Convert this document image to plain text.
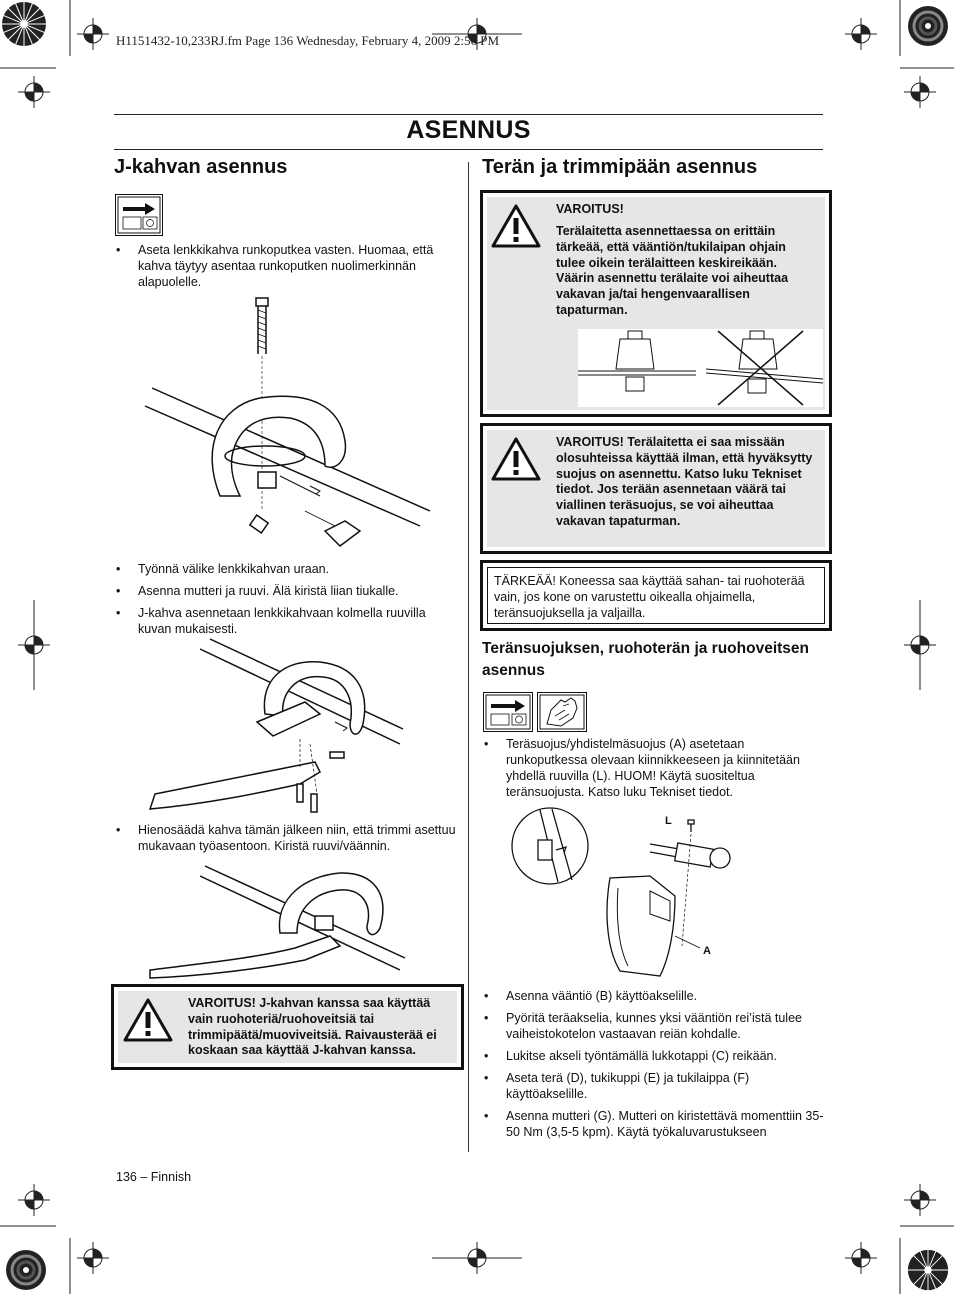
H1151432-10,233RJ.fm Page 136 Wednesday, February 4, 2009 2:56 PM
ASENNUS
J-kahvan asennus
• Aseta lenkkikahva runkoputkea vasten. Huomaa, että kahva täytyy asentaa runkoputken nuolimerkinnän alapuolelle.
• Työnnä välike lenkkikahvan uraan.
• Asenna mutteri ja ruuvi. Älä kiristä liian tiukalle.
• J-kahva asennetaan lenkkikahvaan kolmella ruuvilla kuvan mukaisesti.
• Hienosäädä kahva tämän jälkeen niin, että trimmi asettuu mukavaan työasentoon. Kiristä ruuvi/väännin.
VAROITUS! J-kahvan kanssa saa käyttää vain ruohoteriä/ruohoveitsiä tai trimmipäätä/muoviveitsiä. Raivausterää ei koskaan saa käyttää J-kahvan kanssa.
Terän ja trimmipään asennus
VAROITUS!
Terälaitetta asennettaessa on erittäin tärkeää, että vääntiön/tukilaipan ohjain tulee oikein terälaitteen keskireikään. Väärin asennettu terälaite voi aiheuttaa vakavan ja/tai hengenvaarallisen tapaturman.
VAROITUS! Terälaitetta ei saa missään olosuhteissa käyttää ilman, että hyväksytty suojus on asennettu. Katso luku Tekniset tiedot. Jos terään asennetaan väärä tai viallinen teräsuojus, se voi aiheuttaa vakavan tapaturman.
TÄRKEÄÄ! Koneessa saa käyttää sahan- tai ruohoterää vain, jos kone on varustettu oikealla ohjaimella, teränsuojuksella ja valjailla.
Teränsuojuksen, ruohoterän ja ruohoveitsen asennus
• Teräsuojus/yhdistelmäsuojus (A) asetetaan runkoputkessa olevaan kiinnikkeeseen ja kiinnitetään yhdellä ruuvilla (L). HUOM! Käytä suositeltua teränsuojusta. Katso luku Tekniset tiedot.
L
A
• Asenna vääntiö (B) käyttöakselille.
• Pyöritä teräakselia, kunnes yksi vääntiön rei’istä tulee vaiheistokotelon vastaavan reiän kohdalle.
• Lukitse akseli työntämällä lukkotappi (C) reikään.
• Aseta terä (D), tukikuppi (E) ja tukilaippa (F) käyttöakselille.
• Asenna mutteri (G). Mutteri on kiristettävä momenttiin 35-50 Nm (3,5-5 kpm). Käytä työkaluvarustukseen
136 – Finnish
